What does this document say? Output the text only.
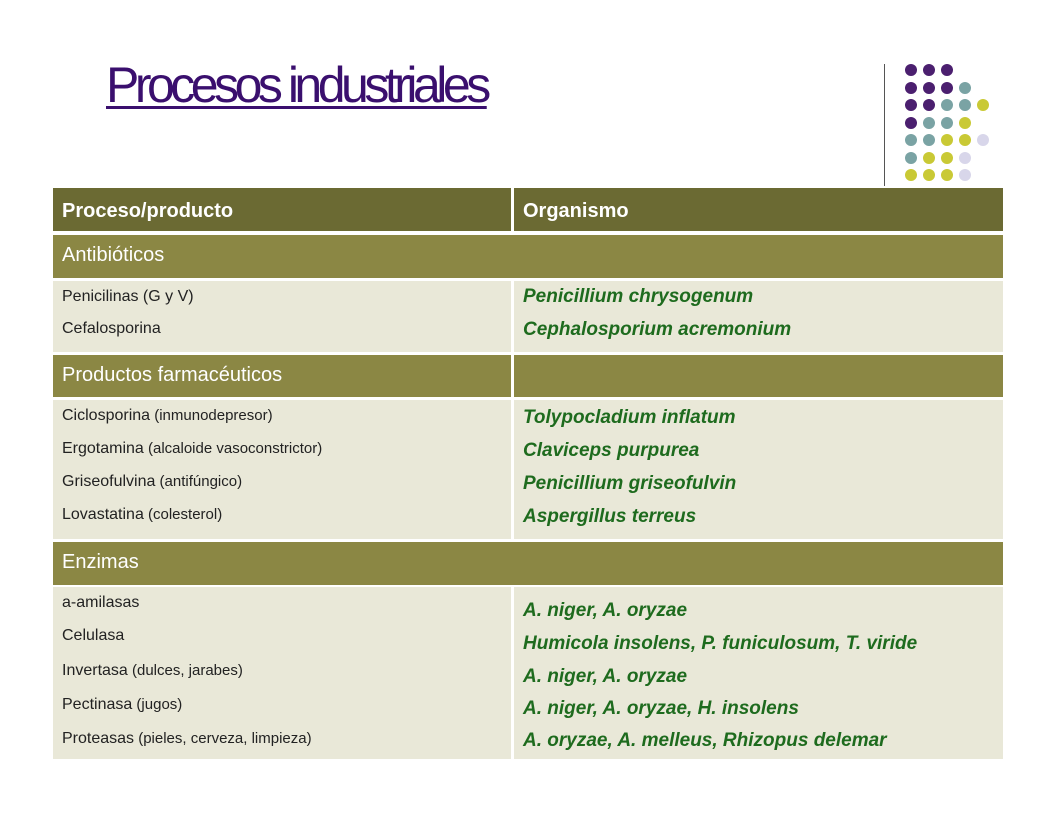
Procesos industriales
Proceso/producto	Organismo
Antibióticos
Penicilinas (G y V)
Cefalosporina
Penicillium chrysogenum
Cephalosporium acremonium
Productos farmacéuticos
Ciclosporina (inmunodepresor)
Ergotamina (alcaloide vasoconstrictor)
Griseofulvina (antifúngico)
Lovastatina (colesterol)
Tolypocladium inflatum
Claviceps purpurea
Penicillium griseofulvin
Aspergillus terreus
Enzimas
a-amilasas
Celulasa
Invertasa (dulces, jarabes)
Pectinasa (jugos)
Proteasas (pieles, cerveza, limpieza)
A. niger, A. oryzae
Humicola insolens, P. funiculosum, T. viride
A. niger, A. oryzae
A. niger, A. oryzae, H. insolens
A. oryzae, A. melleus, Rhizopus delemar
